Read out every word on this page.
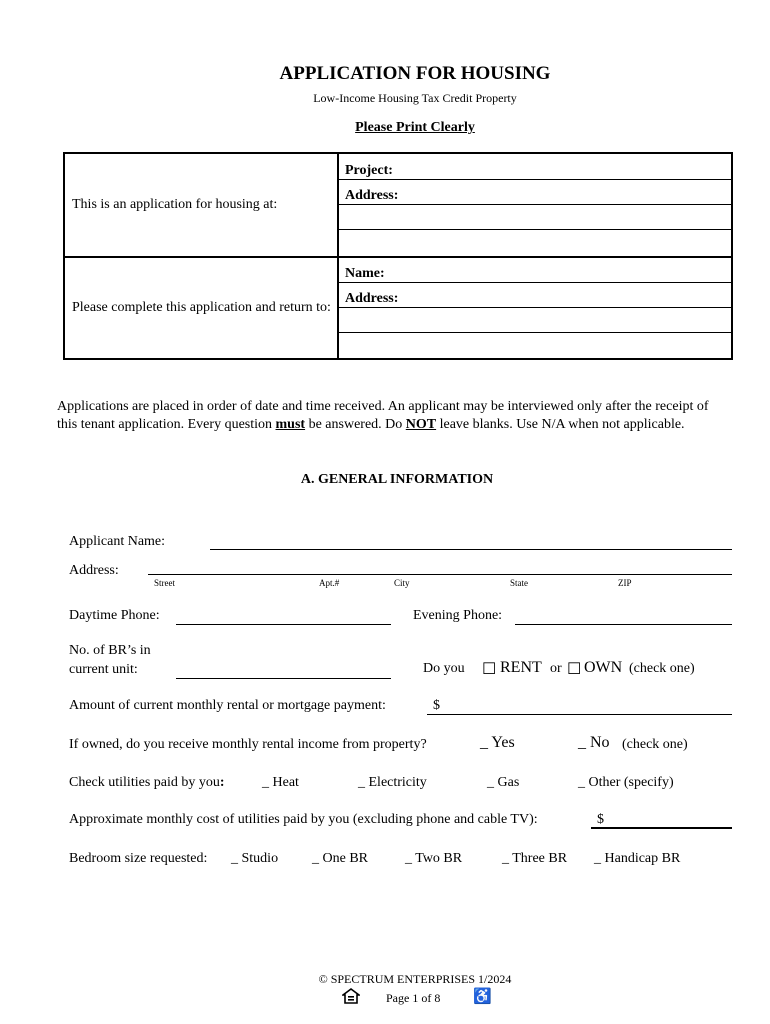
APPLICATION FOR HOUSING
Low-Income Housing Tax Credit Property
Please Print Clearly
This is an application for housing at:	Project:
Address:

Please complete this application and return to:	Name:
Address:
Applications are placed in order of date and time received. An applicant may be interviewed only after the receipt of this tenant application. Every question must be answered. Do NOT leave blanks. Use N/A when not applicable.
A. GENERAL INFORMATION
Applicant Name:
Address:
Street	Apt.#	City	State	ZIP
Daytime Phone:	Evening Phone:
No. of BR’s in
current unit:	Do you ☐ RENT or ☐ OWN (check one)
Amount of current monthly rental or mortgage payment:	$
If owned, do you receive monthly rental income from property?	_ Yes	_ No (check one)
Check utilities paid by you:	_ Heat	_ Electricity	_ Gas	_ Other (specify)
Approximate monthly cost of utilities paid by you (excluding phone and cable TV):	$
Bedroom size requested: _ Studio _ One BR	_ Two BR	_ Three BR _ Handicap BR
© SPECTRUM ENTERPRISES 1/2024
Page 1 of 8 ♿
